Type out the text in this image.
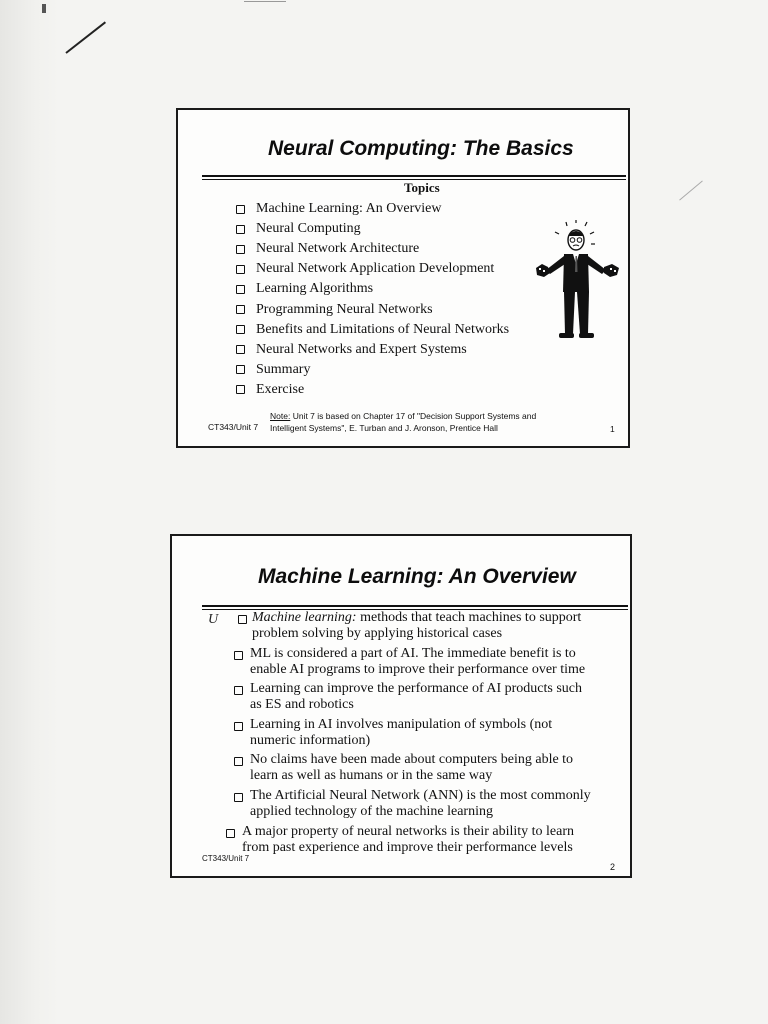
Neural Computing: The Basics
Topics
Machine Learning: An Overview
Neural Computing
Neural Network Architecture
Neural Network Application Development
Learning Algorithms
Programming Neural Networks
Benefits and Limitations of Neural Networks
Neural Networks and Expert Systems
Summary
Exercise
CT343/Unit 7
Note: Unit 7 is based on Chapter 17 of "Decision Support Systems and
Intelligent Systems", E. Turban and J. Aronson, Prentice Hall	1
Machine Learning: An Overview
U Machine learning: methods that teach machines to support
problem solving by applying historical cases
ML is considered a part of AI. The immediate benefit is to
enable AI programs to improve their performance over time
Learning can improve the performance of AI products such
as ES and robotics
Learning in AI involves manipulation of symbols (not
numeric information)
No claims have been made about computers being able to
learn as well as humans or in the same way
The Artificial Neural Network (ANN) is the most commonly
applied technology of the machine learning
A major property of neural networks is their ability to learn
from past experience and improve their performance levels
CT343/Unit 7
2
